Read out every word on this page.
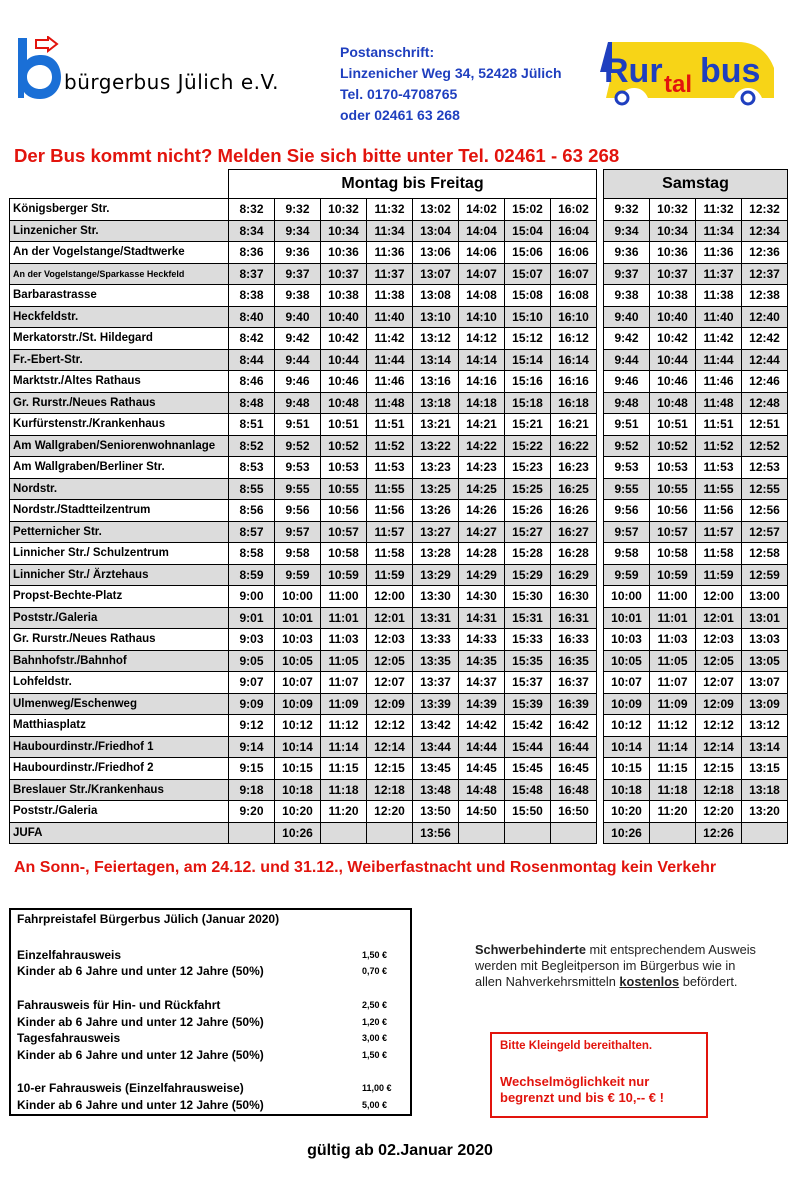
bürgerbus Jülich e.V.
Postanschrift:
Linzenicher Weg 34, 52428 Jülich
Tel. 0170-4708765
oder 02461 63 268
Rur tal bus
Der Bus kommt nicht? Melden Sie sich bitte unter Tel. 02461 - 63 268
	Montag bis Freitag									Samstag			
Königsberger Str.	8:32	9:32	10:32	11:32	13:02	14:02	15:02	16:02		9:32	10:32	11:32	12:32
Linzenicher Str.	8:34	9:34	10:34	11:34	13:04	14:04	15:04	16:04		9:34	10:34	11:34	12:34
An der Vogelstange/Stadtwerke	8:36	9:36	10:36	11:36	13:06	14:06	15:06	16:06		9:36	10:36	11:36	12:36
An der Vogelstange/Sparkasse Heckfeld	8:37	9:37	10:37	11:37	13:07	14:07	15:07	16:07		9:37	10:37	11:37	12:37
Barbarastrasse	8:38	9:38	10:38	11:38	13:08	14:08	15:08	16:08		9:38	10:38	11:38	12:38
Heckfeldstr.	8:40	9:40	10:40	11:40	13:10	14:10	15:10	16:10		9:40	10:40	11:40	12:40
Merkatorstr./St. Hildegard	8:42	9:42	10:42	11:42	13:12	14:12	15:12	16:12		9:42	10:42	11:42	12:42
Fr.-Ebert-Str.	8:44	9:44	10:44	11:44	13:14	14:14	15:14	16:14		9:44	10:44	11:44	12:44
Marktstr./Altes Rathaus	8:46	9:46	10:46	11:46	13:16	14:16	15:16	16:16		9:46	10:46	11:46	12:46
Gr. Rurstr./Neues Rathaus	8:48	9:48	10:48	11:48	13:18	14:18	15:18	16:18		9:48	10:48	11:48	12:48
Kurfürstenstr./Krankenhaus	8:51	9:51	10:51	11:51	13:21	14:21	15:21	16:21		9:51	10:51	11:51	12:51
Am Wallgraben/Seniorenwohnanlage	8:52	9:52	10:52	11:52	13:22	14:22	15:22	16:22		9:52	10:52	11:52	12:52
Am Wallgraben/Berliner Str.	8:53	9:53	10:53	11:53	13:23	14:23	15:23	16:23		9:53	10:53	11:53	12:53
Nordstr.	8:55	9:55	10:55	11:55	13:25	14:25	15:25	16:25		9:55	10:55	11:55	12:55
Nordstr./Stadtteilzentrum	8:56	9:56	10:56	11:56	13:26	14:26	15:26	16:26		9:56	10:56	11:56	12:56
Petternicher Str.	8:57	9:57	10:57	11:57	13:27	14:27	15:27	16:27		9:57	10:57	11:57	12:57
Linnicher Str./ Schulzentrum	8:58	9:58	10:58	11:58	13:28	14:28	15:28	16:28		9:58	10:58	11:58	12:58
Linnicher Str./ Ärztehaus	8:59	9:59	10:59	11:59	13:29	14:29	15:29	16:29		9:59	10:59	11:59	12:59
Propst-Bechte-Platz	9:00	10:00	11:00	12:00	13:30	14:30	15:30	16:30		10:00	11:00	12:00	13:00
Poststr./Galeria	9:01	10:01	11:01	12:01	13:31	14:31	15:31	16:31		10:01	11:01	12:01	13:01
Gr. Rurstr./Neues Rathaus	9:03	10:03	11:03	12:03	13:33	14:33	15:33	16:33		10:03	11:03	12:03	13:03
Bahnhofstr./Bahnhof	9:05	10:05	11:05	12:05	13:35	14:35	15:35	16:35		10:05	11:05	12:05	13:05
Lohfeldstr.	9:07	10:07	11:07	12:07	13:37	14:37	15:37	16:37		10:07	11:07	12:07	13:07
Ulmenweg/Eschenweg	9:09	10:09	11:09	12:09	13:39	14:39	15:39	16:39		10:09	11:09	12:09	13:09
Matthiasplatz	9:12	10:12	11:12	12:12	13:42	14:42	15:42	16:42		10:12	11:12	12:12	13:12
Haubourdinstr./Friedhof 1	9:14	10:14	11:14	12:14	13:44	14:44	15:44	16:44		10:14	11:14	12:14	13:14
Haubourdinstr./Friedhof 2	9:15	10:15	11:15	12:15	13:45	14:45	15:45	16:45		10:15	11:15	12:15	13:15
Breslauer Str./Krankenhaus	9:18	10:18	11:18	12:18	13:48	14:48	15:48	16:48		10:18	11:18	12:18	13:18
Poststr./Galeria	9:20	10:20	11:20	12:20	13:50	14:50	15:50	16:50		10:20	11:20	12:20	13:20
JUFA		10:26			13:56					10:26		12:26	
An Sonn-, Feiertagen, am 24.12. und 31.12., Weiberfastnacht und Rosenmontag kein Verkehr
Fahrpreistafel Bürgerbus Jülich (Januar 2020)
Einzelfahrausweis	1,50 €
Kinder ab 6 Jahre und unter 12 Jahre (50%)	0,70 €
Fahrausweis für Hin- und Rückfahrt	2,50 €
Kinder ab 6 Jahre und unter 12 Jahre (50%)	1,20 €
Tagesfahrausweis	3,00 €
Kinder ab 6 Jahre und unter 12 Jahre (50%)	1,50 €
10-er Fahrausweis (Einzelfahrausweise)	11,00 €
Kinder ab 6 Jahre und unter 12 Jahre (50%)	5,00 €
Schwerbehinderte mit entsprechendem Ausweis werden mit Begleitperson im Bürgerbus wie in allen Nahverkehrsmitteln kostenlos befördert.
Bitte Kleingeld bereithalten.
Wechselmöglichkeit nur begrenzt und bis € 10,-- € !
gültig ab 02.Januar 2020
